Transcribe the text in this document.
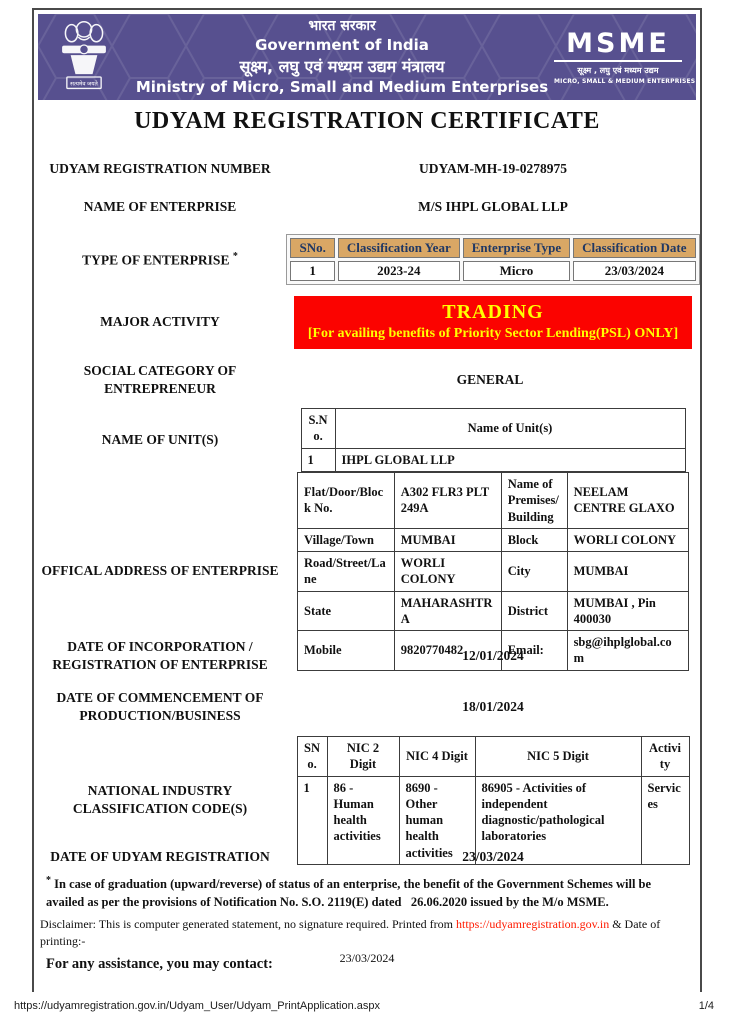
सत्यमेव जयते
भारत सरकार
Government of India
सूक्ष्म, लघु एवं मध्यम उद्यम मंत्रालय
Ministry of Micro, Small and Medium Enterprises
MSME
सूक्ष्म , लघु एवं मध्यम उद्यम
MICRO, SMALL & MEDIUM ENTERPRISES
UDYAM REGISTRATION CERTIFICATE
UDYAM REGISTRATION NUMBER	UDYAM-MH-19-0278975
NAME OF ENTERPRISE	M/S IHPL GLOBAL LLP
TYPE OF ENTERPRISE *
SNo.	Classification Year	Enterprise Type	Classification Date
1	2023-24	Micro	23/03/2024
MAJOR ACTIVITY	TRADING
[For availing benefits of Priority Sector Lending(PSL) ONLY]
SOCIAL CATEGORY OF ENTREPRENEUR
GENERAL
NAME OF UNIT(S)
S.No.	Name of Unit(s)
1	IHPL GLOBAL LLP
OFFICAL ADDRESS OF ENTERPRISE
Flat/Door/Block No.	A302 FLR3 PLT 249A	Name of Premises/ Building	NEELAM CENTRE GLAXO
Village/Town	MUMBAI	Block	WORLI COLONY
Road/Street/Lane	WORLI COLONY	City	MUMBAI
State	MAHARASHTRA	District	MUMBAI , Pin 400030
Mobile	9820770482	Email:	sbg@ihplglobal.com
DATE OF INCORPORATION / REGISTRATION OF ENTERPRISE
12/01/2024
DATE OF COMMENCEMENT OF PRODUCTION/BUSINESS
18/01/2024
NATIONAL INDUSTRY CLASSIFICATION CODE(S)
SNo.	NIC 2 Digit	NIC 4 Digit	NIC 5 Digit	Activity
1	86 - Human health activities	8690 - Other human health activities	86905 - Activities of independent diagnostic/pathological laboratories	Services
DATE OF UDYAM REGISTRATION	23/03/2024
* In case of graduation (upward/reverse) of status of an enterprise, the benefit of the Government Schemes will be availed as per the provisions of Notification No. S.O. 2119(E) dated   26.06.2020 issued by the M/o MSME.
Disclaimer: This is computer generated statement, no signature required. Printed from https://udyamregistration.gov.in & Date of printing:-
23/03/2024
For any assistance, you may contact:
https://udyamregistration.gov.in/Udyam_User/Udyam_PrintApplication.aspx	1/4
